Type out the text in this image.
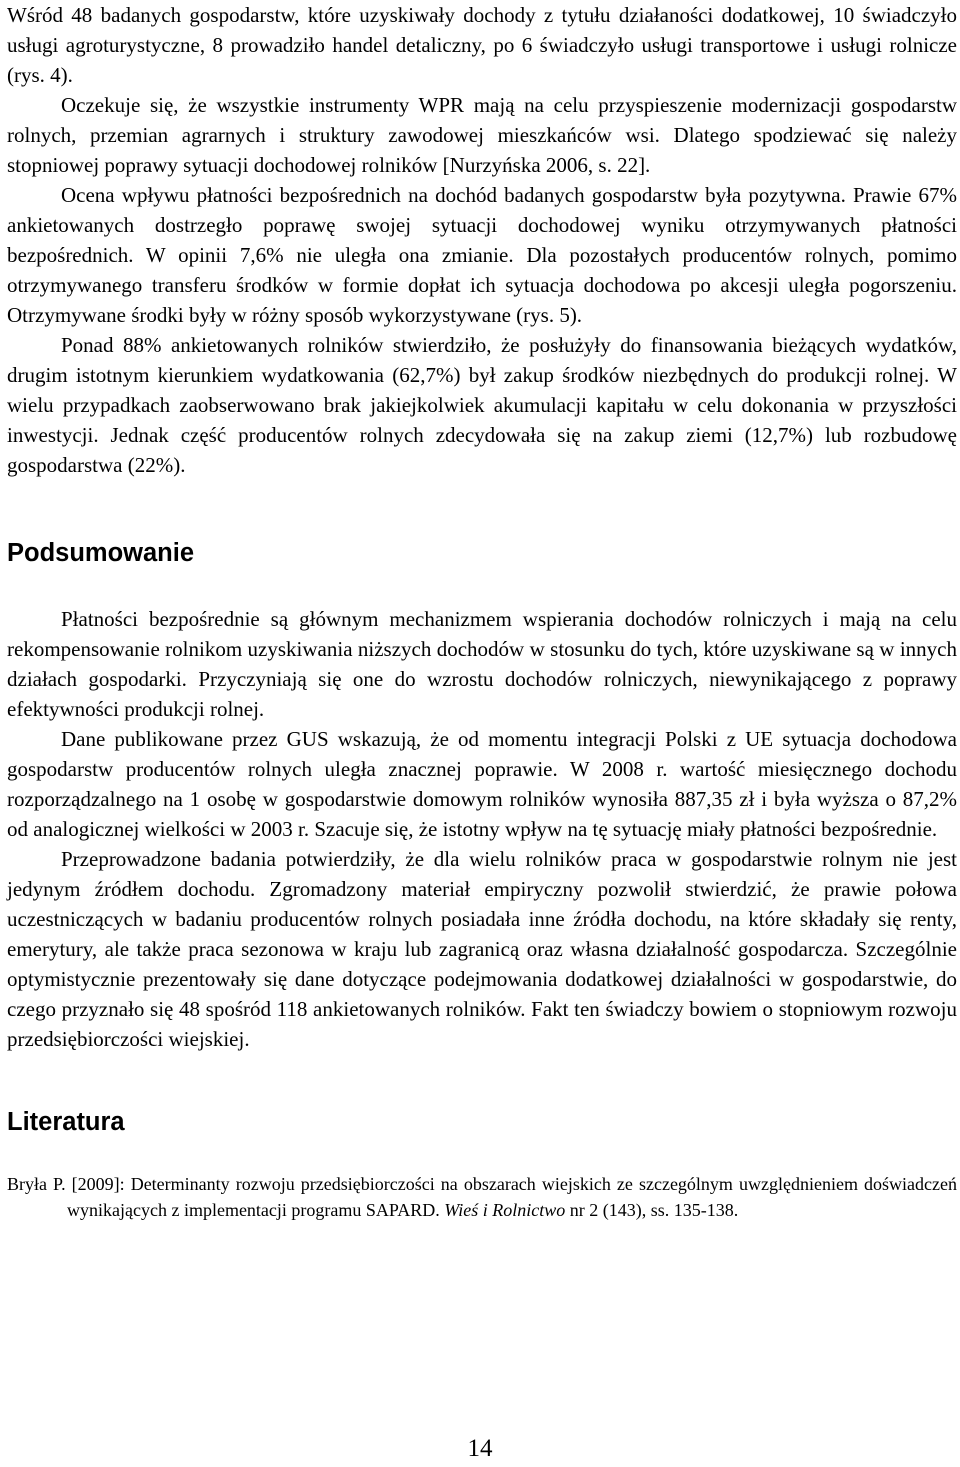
Wśród 48 badanych gospodarstw, które uzyskiwały dochody z tytułu działaności dodatkowej, 10 świadczyło usługi agroturystyczne, 8 prowadziło handel detaliczny, po 6 świadczyło usługi transportowe i usługi rolnicze (rys. 4).

Oczekuje się, że wszystkie instrumenty WPR mają na celu przyspieszenie modernizacji gospodarstw rolnych, przemian agrarnych i struktury zawodowej mieszkańców wsi. Dlatego spodziewać się należy stopniowej poprawy sytuacji dochodowej rolników [Nurzyńska 2006, s. 22].

Ocena wpływu płatności bezpośrednich na dochód badanych gospodarstw była pozytywna. Prawie 67% ankietowanych dostrzegło poprawę swojej sytuacji dochodowej wyniku otrzymywanych płatności bezpośrednich. W opinii 7,6% nie uległa ona zmianie. Dla pozostałych producentów rolnych, pomimo otrzymywanego transferu środków w formie dopłat ich sytuacja dochodowa po akcesji uległa pogorszeniu. Otrzymywane środki były w różny sposób wykorzystywane (rys. 5).

Ponad 88% ankietowanych rolników stwierdziło, że posłużyły do finansowania bieżących wydatków, drugim istotnym kierunkiem wydatkowania (62,7%) był zakup środków niezbędnych do produkcji rolnej. W wielu przypadkach zaobserwowano brak jakiejkolwiek akumulacji kapitału w celu dokonania w przyszłości inwestycji. Jednak część producentów rolnych zdecydowała się na zakup ziemi (12,7%) lub rozbudowę gospodarstwa (22%).

Podsumowanie

Płatności bezpośrednie są głównym mechanizmem wspierania dochodów rolniczych i mają na celu rekompensowanie rolnikom uzyskiwania niższych dochodów w stosunku do tych, które uzyskiwane są w innych działach gospodarki. Przyczyniają się one do wzrostu dochodów rolniczych, niewynikającego z poprawy efektywności produkcji rolnej.

Dane publikowane przez GUS wskazują, że od momentu integracji Polski z UE sytuacja dochodowa gospodarstw producentów rolnych uległa znacznej poprawie. W 2008 r. wartość miesięcznego dochodu rozporządzalnego na 1 osobę w gospodarstwie domowym rolników wynosiła 887,35 zł i była wyższa o 87,2% od analogicznej wielkości w 2003 r. Szacuje się, że istotny wpływ na tę sytuację miały płatności bezpośrednie.

Przeprowadzone badania potwierdziły, że dla wielu rolników praca w gospodarstwie rolnym nie jest jedynym źródłem dochodu. Zgromadzony materiał empiryczny pozwolił stwierdzić, że prawie połowa uczestniczących w badaniu producentów rolnych posiadała inne źródła dochodu, na które składały się renty, emerytury, ale także praca sezonowa w kraju lub zagranicą oraz własna działalność gospodarcza. Szczególnie optymistycznie prezentowały się dane dotyczące podejmowania dodatkowej działalności w gospodarstwie, do czego przyznało się 48 spośród 118 ankietowanych rolników. Fakt ten świadczy bowiem o stopniowym rozwoju przedsiębiorczości wiejskiej.

Literatura

Bryła P. [2009]: Determinanty rozwoju przedsiębiorczości na obszarach wiejskich ze szczególnym uwzględnieniem doświadczeń wynikających z implementacji programu SAPARD. Wieś i Rolnictwo nr 2 (143), ss. 135-138.

14
